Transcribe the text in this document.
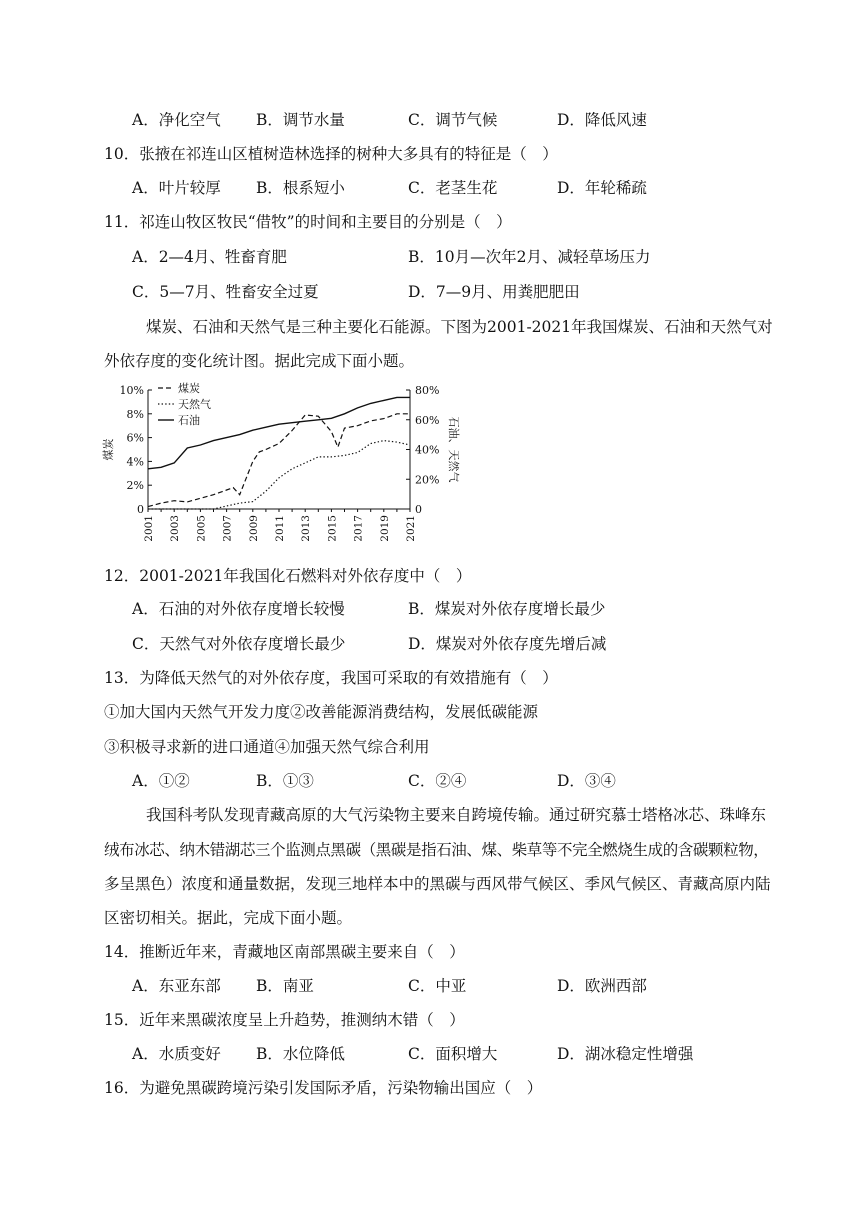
A．净化空气 B．调节水量	C．调节气候	D．降低风速
10．张掖在祁连山区植树造林选择的树种大多具有的特征是（　）
A．叶片较厚 B．根系短小	C．老茎生花	D．年轮稀疏
11．祁连山牧区牧民“借牧”的时间和主要目的分别是（　）
A．2—4月、牲畜育肥	B．10月—次年2月、减轻草场压力
C．5—7月、牲畜安全过夏	D．7—9月、用粪肥肥田
煤炭、石油和天然气是三种主要化石能源。下图为2001-2021年我国煤炭、石油和天然气对
外依存度的变化统计图。据此完成下面小题。
0
2%
4%
6%
8%
10%
0
20%
40%
60%
80%
2001 2003 2005 2007 2009 2011 2013 2015 2017 2019 2021
煤炭	石油、天然气
煤炭
天然气
石油
12．2001-2021年我国化石燃料对外依存度中（　）
A．石油的对外依存度增长较慢	B．煤炭对外依存度增长最少
C．天然气对外依存度增长最少	D．煤炭对外依存度先增后减
13．为降低天然气的对外依存度，我国可采取的有效措施有（　）
①加大国内天然气开发力度②改善能源消费结构，发展低碳能源
③积极寻求新的进口通道④加强天然气综合利用
A．①②	B．①③	C．②④	D．③④
我国科考队发现青藏高原的大气污染物主要来自跨境传输。通过研究慕士塔格冰芯、珠峰东
绒布冰芯、纳木错湖芯三个监测点黑碳（黑碳是指石油、煤、柴草等不完全燃烧生成的含碳颗粒物，
多呈黑色）浓度和通量数据，发现三地样本中的黑碳与西风带气候区、季风气候区、青藏高原内陆
区密切相关。据此，完成下面小题。
14．推断近年来，青藏地区南部黑碳主要来自（　）
A．东亚东部 B．南亚	C．中亚	D．欧洲西部
15．近年来黑碳浓度呈上升趋势，推测纳木错（　）
A．水质变好 B．水位降低	C．面积增大	D．湖冰稳定性增强
16．为避免黑碳跨境污染引发国际矛盾，污染物输出国应（　）
